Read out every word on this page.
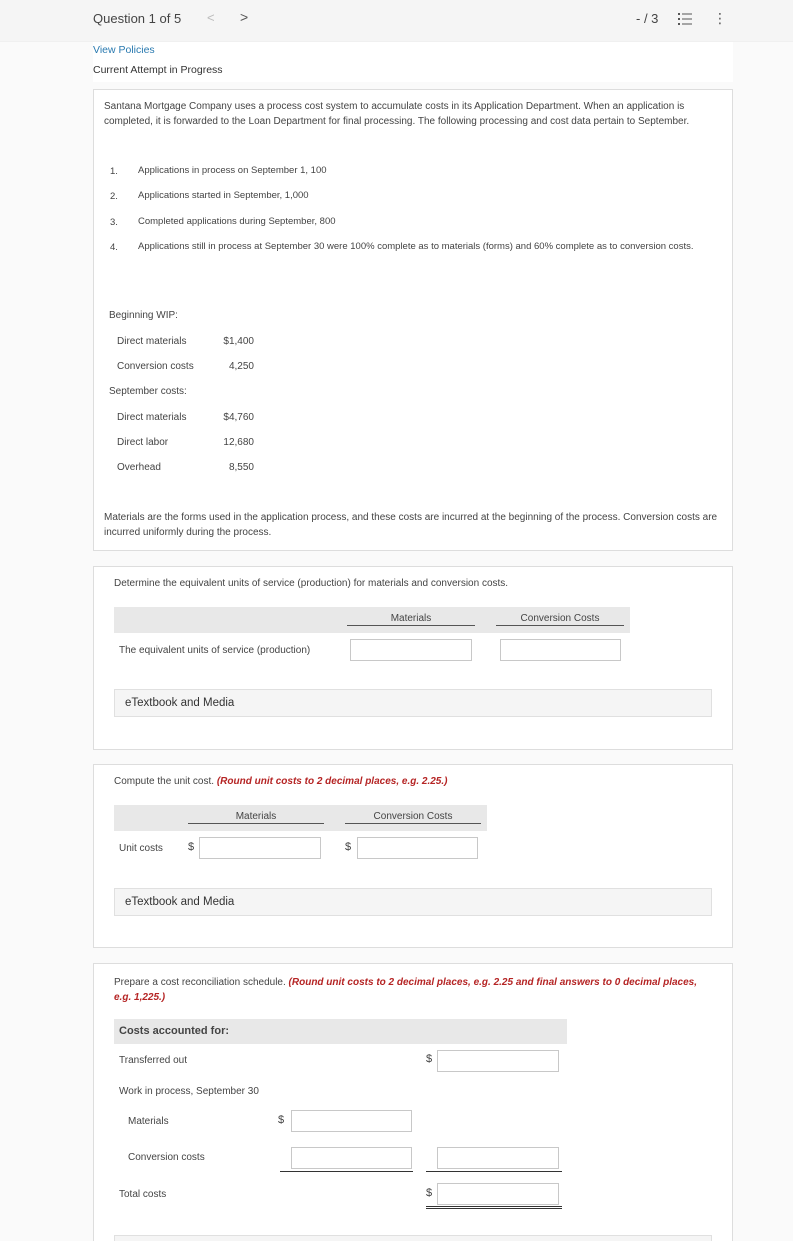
Question 1 of 5 < >	- / 3	⋮
View Policies
Current Attempt in Progress
Santana Mortgage Company uses a process cost system to accumulate costs in its Application Department. When an application is completed, it is forwarded to the Loan Department for final processing. The following processing and cost data pertain to September.
1. Applications in process on September 1, 100
2. Applications started in September, 1,000
3. Completed applications during September, 800
4. Applications still in process at September 30 were 100% complete as to materials (forms) and 60% complete as to conversion costs.
Beginning WIP:
Direct materials	$1,400
Conversion costs	4,250
September costs:
Direct materials	$4,760
Direct labor	12,680
Overhead	8,550
Materials are the forms used in the application process, and these costs are incurred at the beginning of the process. Conversion costs are incurred uniformly during the process.
Determine the equivalent units of service (production) for materials and conversion costs.
Materials	Conversion Costs
The equivalent units of service (production)
eTextbook and Media
Compute the unit cost. (Round unit costs to 2 decimal places, e.g. 2.25.)
Materials	Conversion Costs
Unit costs $	$
eTextbook and Media
Prepare a cost reconciliation schedule. (Round unit costs to 2 decimal places, e.g. 2.25 and final answers to 0 decimal places, e.g. 1,225.)
Costs accounted for:
Transferred out	$
Work in process, September 30
Materials	$
Conversion costs
Total costs	$
